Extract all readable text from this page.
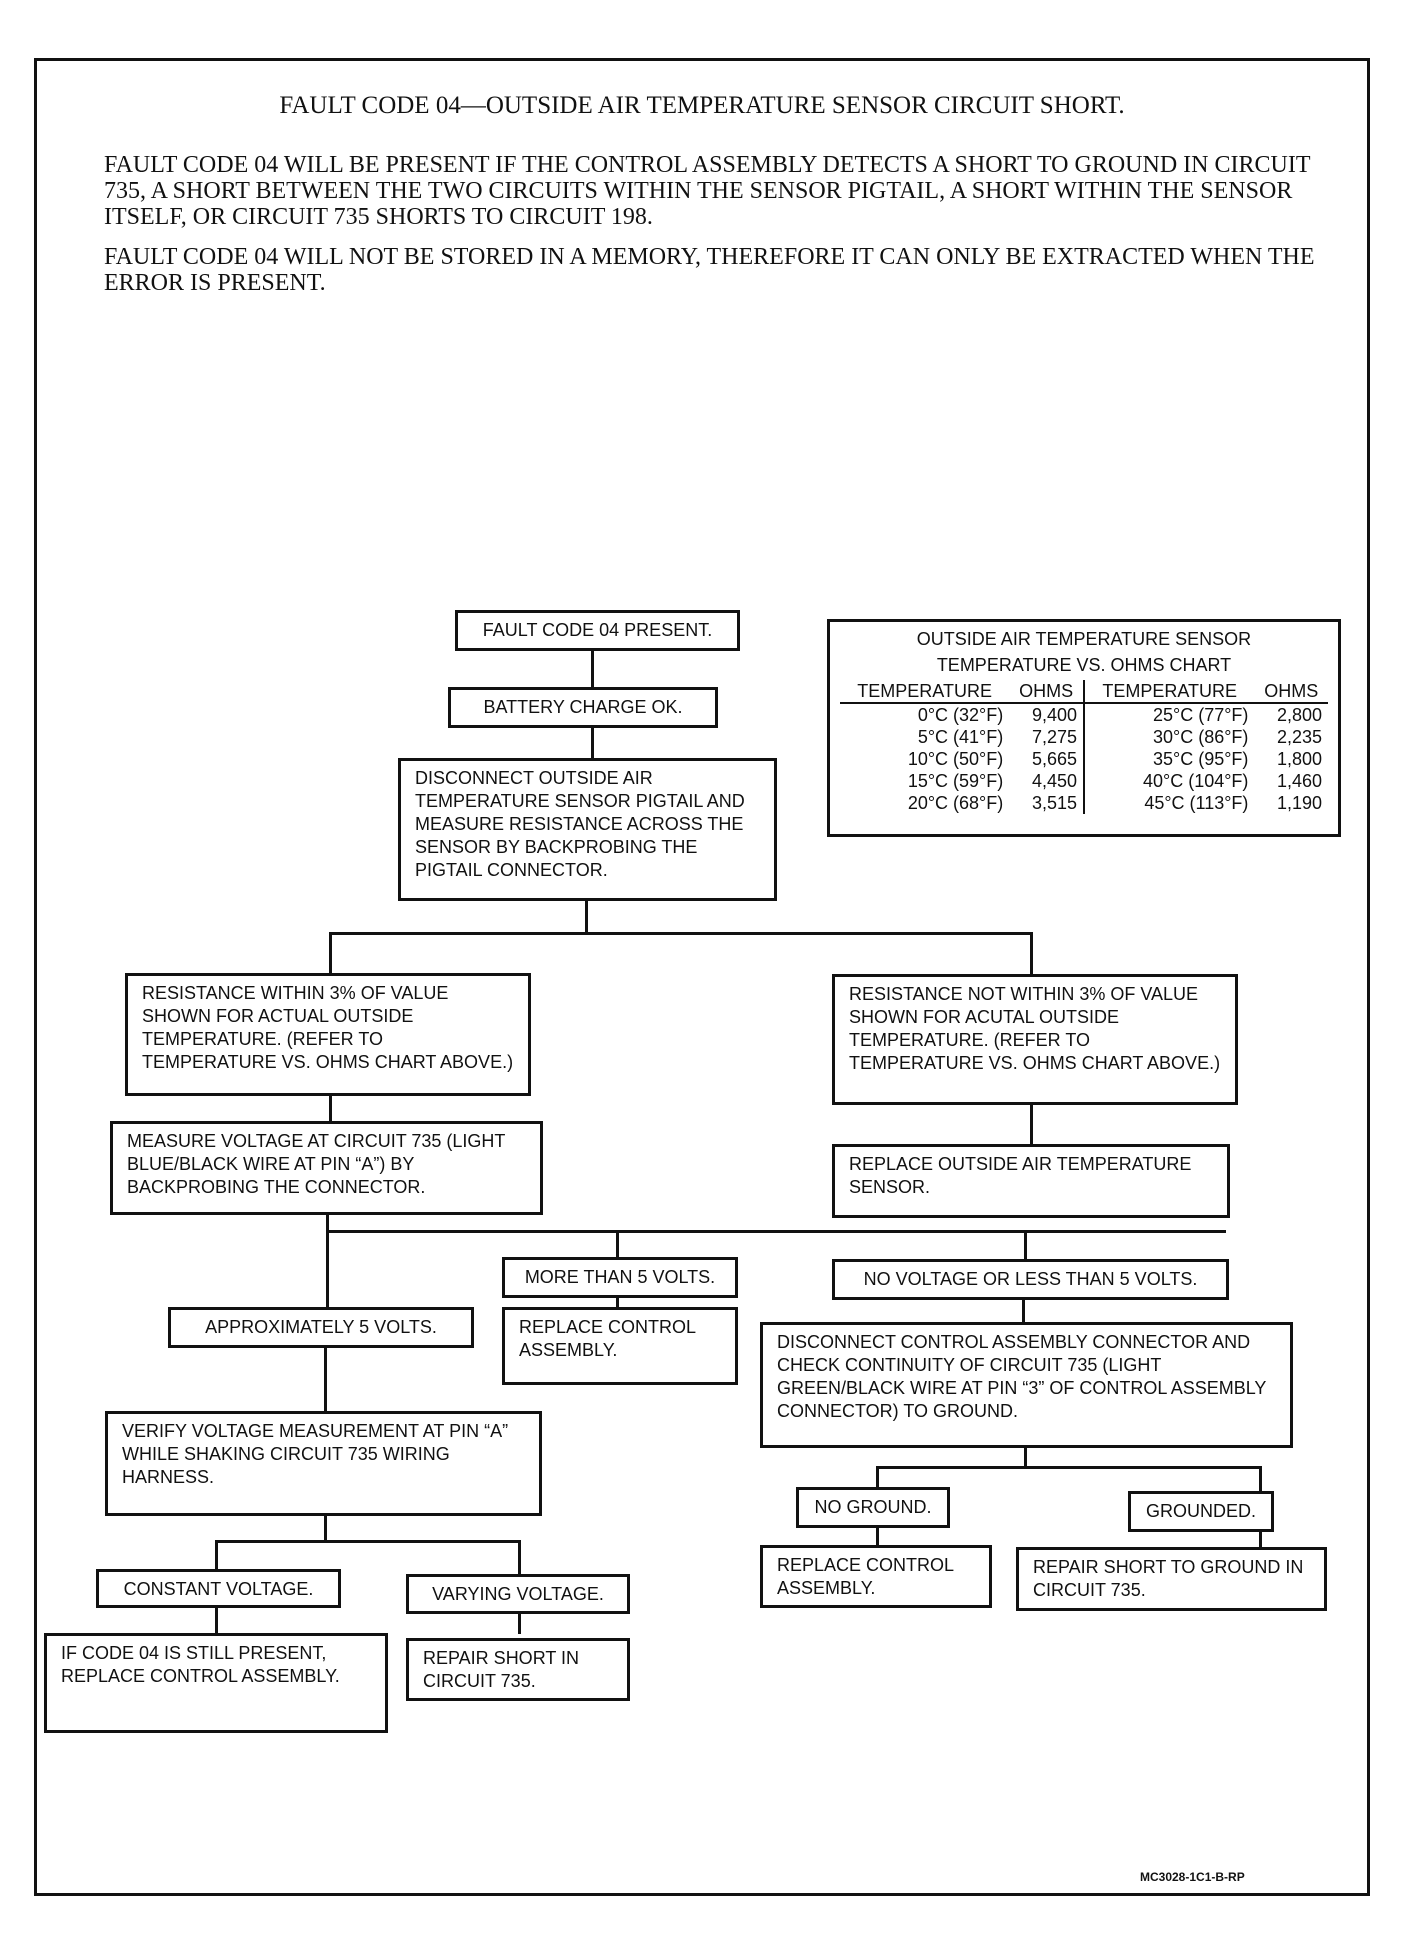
FAULT CODE 04—OUTSIDE AIR TEMPERATURE SENSOR CIRCUIT SHORT.

FAULT CODE 04 WILL BE PRESENT IF THE CONTROL ASSEMBLY DETECTS A SHORT TO GROUND IN CIRCUIT 735, A SHORT BETWEEN THE TWO CIRCUITS WITHIN THE SENSOR PIGTAIL, A SHORT WITHIN THE SENSOR ITSELF, OR CIRCUIT 735 SHORTS TO CIRCUIT 198.

FAULT CODE 04 WILL NOT BE STORED IN A MEMORY, THEREFORE IT CAN ONLY BE EXTRACTED WHEN THE ERROR IS PRESENT.

FAULT CODE 04 PRESENT.	OUTSIDE AIR TEMPERATURE SENSOR
TEMPERATURE VS. OHMS CHART
TEMPERATURE	OHMS	TEMPERATURE	OHMS
0°C (32°F)	9,400	25°C (77°F)	2,800
5°C (41°F)	7,275	30°C (86°F)	2,235
10°C (50°F)	5,665	35°C (95°F)	1,800
15°C (59°F)	4,450	40°C (104°F)	1,460
20°C (68°F)	3,515	45°C (113°F)	1,190
BATTERY CHARGE OK.
DISCONNECT OUTSIDE AIR TEMPERATURE SENSOR PIGTAIL AND MEASURE RESISTANCE ACROSS THE SENSOR BY BACKPROBING THE PIGTAIL CONNECTOR.
RESISTANCE WITHIN 3% OF VALUE SHOWN FOR ACTUAL OUTSIDE TEMPERATURE. (REFER TO TEMPERATURE VS. OHMS CHART ABOVE.)
RESISTANCE NOT WITHIN 3% OF VALUE SHOWN FOR ACUTAL OUTSIDE TEMPERATURE. (REFER TO TEMPERATURE VS. OHMS CHART ABOVE.)
MEASURE VOLTAGE AT CIRCUIT 735 (LIGHT BLUE/BLACK WIRE AT PIN “A”) BY BACKPROBING THE CONNECTOR.
REPLACE OUTSIDE AIR TEMPERATURE SENSOR.
MORE THAN 5 VOLTS.	NO VOLTAGE OR LESS THAN 5 VOLTS.
APPROXIMATELY 5 VOLTS.	REPLACE CONTROL ASSEMBLY.	DISCONNECT CONTROL ASSEMBLY CONNECTOR AND CHECK CONTINUITY OF CIRCUIT 735 (LIGHT GREEN/BLACK WIRE AT PIN “3” OF CONTROL ASSEMBLY CONNECTOR) TO GROUND.
VERIFY VOLTAGE MEASUREMENT AT PIN “A” WHILE SHAKING CIRCUIT 735 WIRING HARNESS.
NO GROUND.	GROUNDED.
REPLACE CONTROL ASSEMBLY.
REPAIR SHORT TO GROUND IN CIRCUIT 735.
CONSTANT VOLTAGE.	VARYING VOLTAGE.
IF CODE 04 IS STILL PRESENT, REPLACE CONTROL ASSEMBLY.
REPAIR SHORT IN CIRCUIT 735.
MC3028-1C1-B-RP
